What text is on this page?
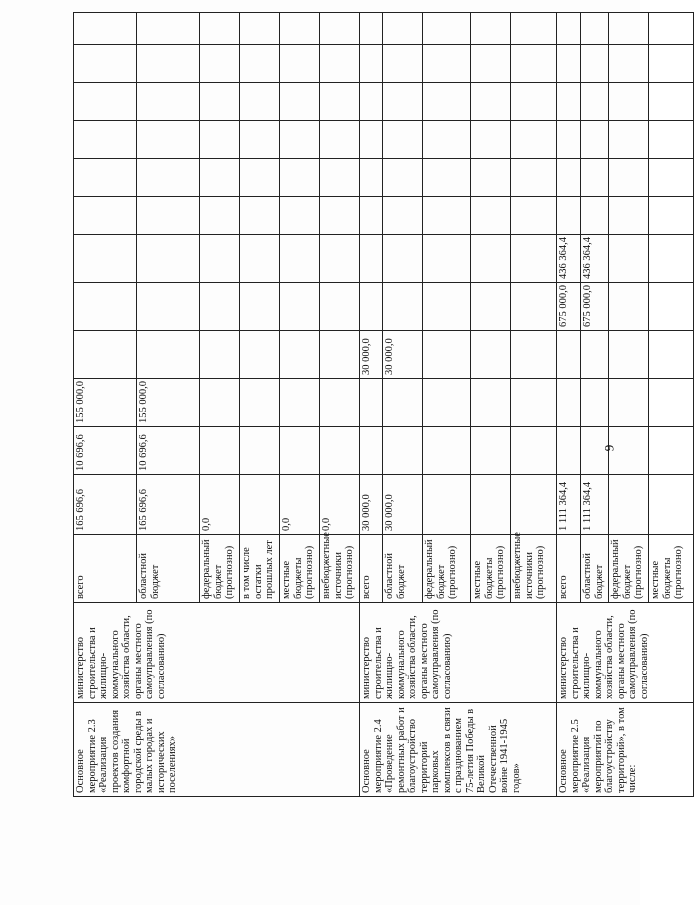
Основное мероприятие 2.3 «Реализация проектов создания комфортной городской среды в малых городах и исторических поселениях»	министерство строительства и жилищно-коммунального хозяйства области, органы местного самоуправления (по согласованию)	всего	165 696,6	10 696,6	155 000,0									
		областной бюджет	165 696,6	10 696,6	155 000,0									
		федеральный бюджет (прогнозно)	0,0											
		в том числе остатки прошлых лет												
		местные бюджеты (прогнозно)	0,0											
		внебюджетные источники (прогнозно)	0,0											
Основное мероприятие 2.4 «Проведение ремонтных работ и благоустройство территорий парковых комплексов в связи с празднованием 75-летия Победы в Великой Отечественной войне 1941-1945 годов»	министерство строительства и жилищно-коммунального хозяйства области, органы местного самоуправления (по согласованию)	всего	30 000,0			30 000,0								
		областной бюджет	30 000,0			30 000,0								
		федеральный бюджет (прогнозно)												
		местные бюджеты (прогнозно)												
		внебюджетные источники (прогнозно)												
Основное мероприятие 2.5 «Реализация мероприятий по благоустройству территорий», в том числе:	министерство строительства и жилищно-коммунального хозяйства области, органы местного самоуправления (по согласованию)	всего	1 111 364,4				675 000,0	436 364,4						
		областной бюджет	1 111 364,4				675 000,0	436 364,4						
		федеральный бюджет (прогнозно)												
		местные бюджеты (прогнозно)												
9
